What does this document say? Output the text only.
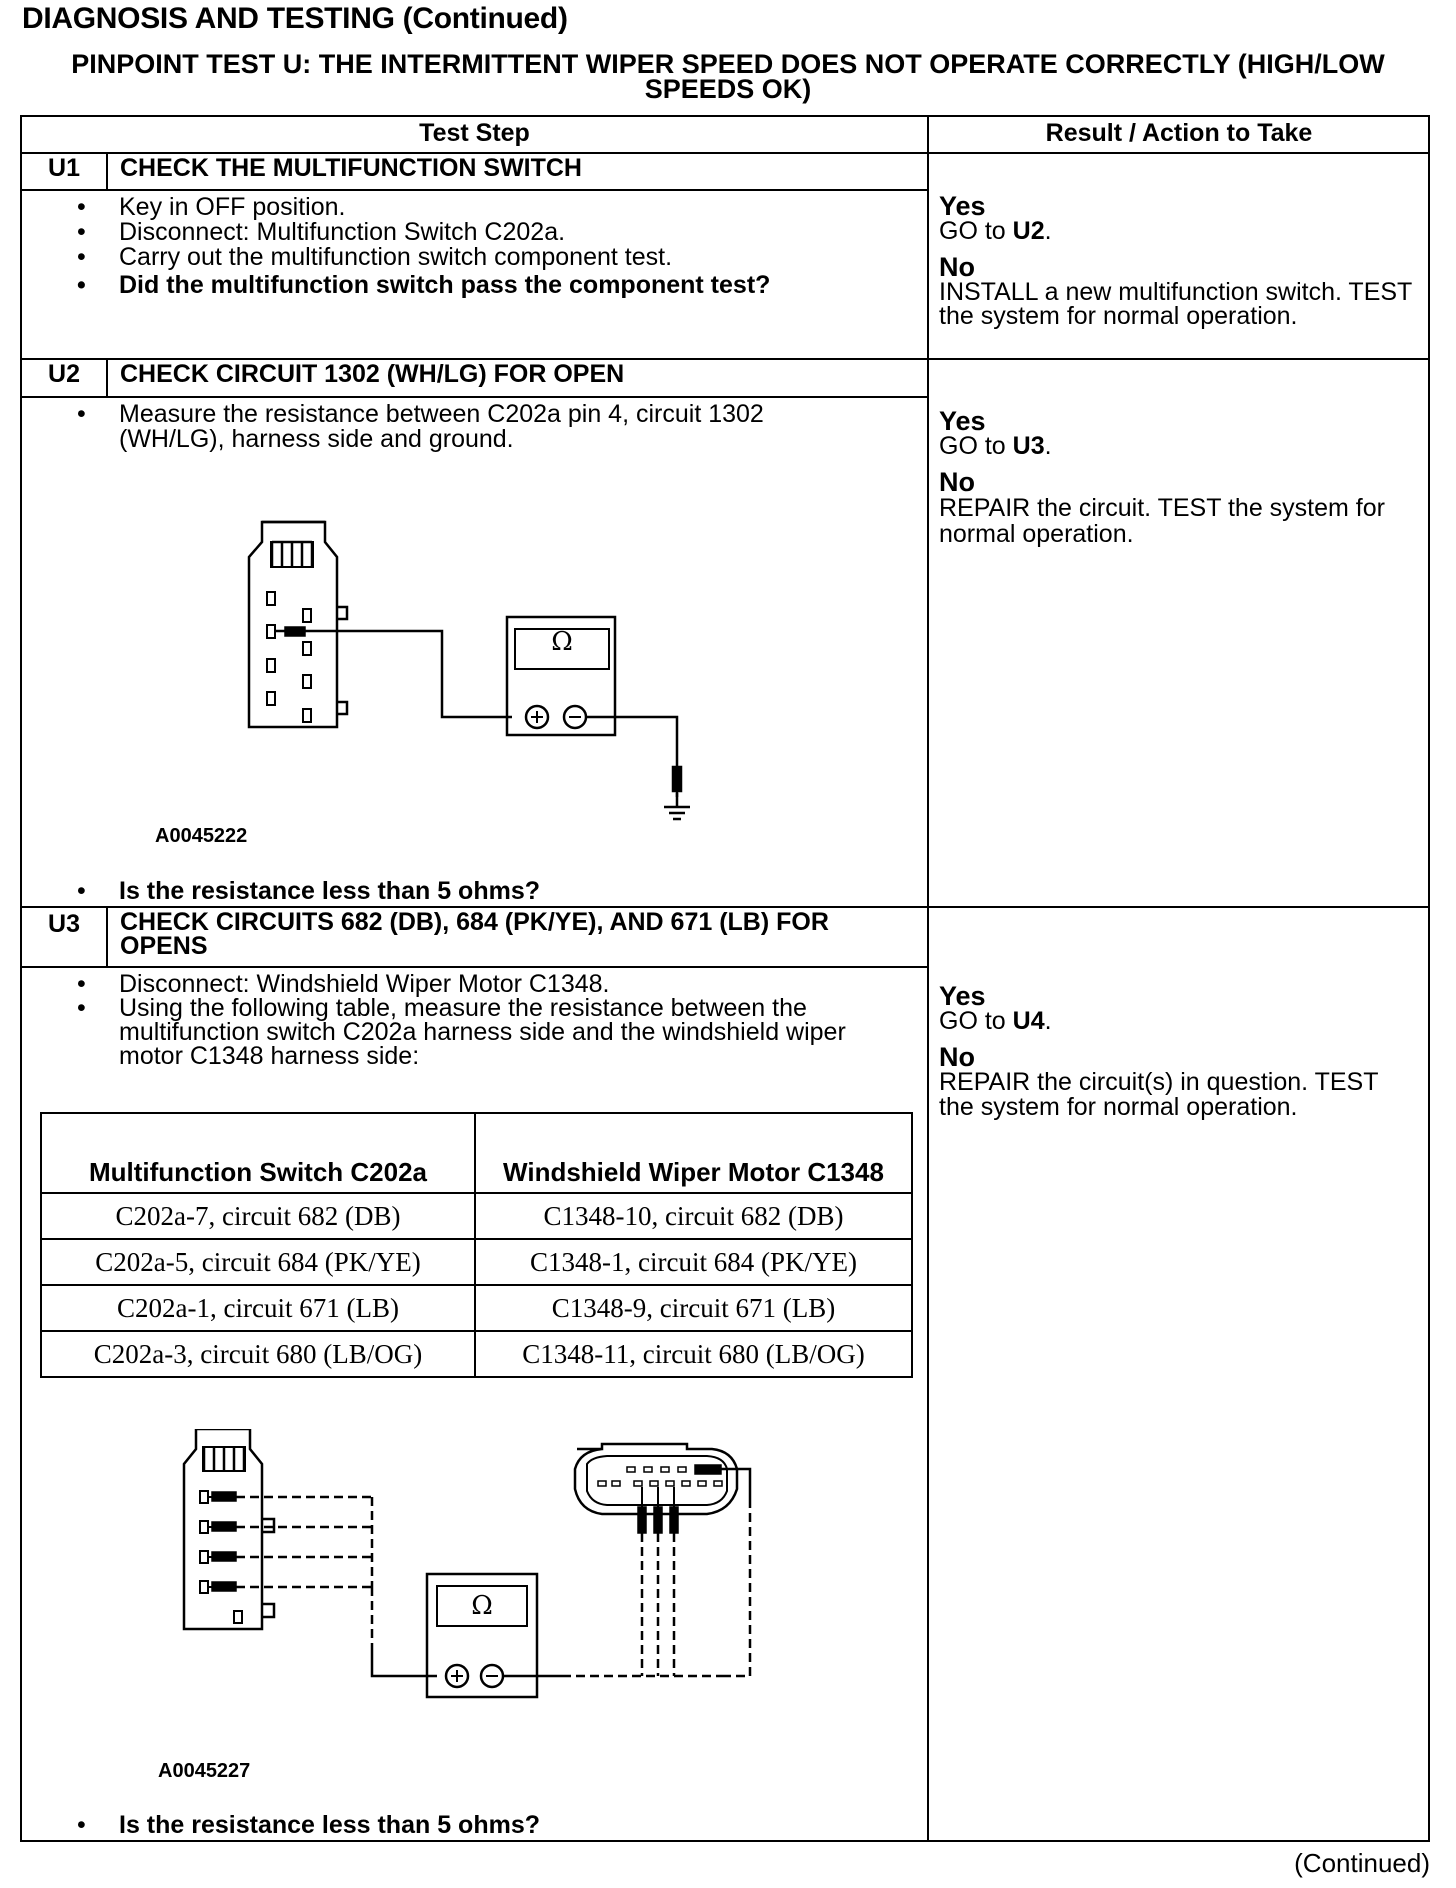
DIAGNOSIS AND TESTING (Continued)
PINPOINT TEST U: THE INTERMITTENT WIPER SPEED DOES NOT OPERATE CORRECTLY (HIGH/LOW SPEEDS OK)
Test Step	Result / Action to Take
U1	CHECK THE MULTIFUNCTION SWITCH
• Key in OFF position.
• Disconnect: Multifunction Switch C202a.
• Carry out the multifunction switch component test.
• Did the multifunction switch pass the component test?
Yes
GO to U2.
No
INSTALL a new multifunction switch. TEST the system for normal operation.
U2	CHECK CIRCUIT 1302 (WH/LG) FOR OPEN
• Measure the resistance between C202a pin 4, circuit 1302 (WH/LG), harness side and ground.
Ω
A0045222
• Is the resistance less than 5 ohms?
Yes
GO to U3.
No
REPAIR the circuit. TEST the system for normal operation.
U3	CHECK CIRCUITS 682 (DB), 684 (PK/YE), AND 671 (LB) FOR OPENS
• Disconnect: Windshield Wiper Motor C1348.
• Using the following table, measure the resistance between the multifunction switch C202a harness side and the windshield wiper motor C1348 harness side:
Multifunction Switch C202a	Windshield Wiper Motor C1348
C202a-7, circuit 682 (DB)	C1348-10, circuit 682 (DB)
C202a-5, circuit 684 (PK/YE)	C1348-1, circuit 684 (PK/YE)
C202a-1, circuit 671 (LB)	C1348-9, circuit 671 (LB)
C202a-3, circuit 680 (LB/OG)	C1348-11, circuit 680 (LB/OG)
Ω
A0045227
• Is the resistance less than 5 ohms?
Yes
GO to U4.
No
REPAIR the circuit(s) in question. TEST the system for normal operation.
(Continued)
